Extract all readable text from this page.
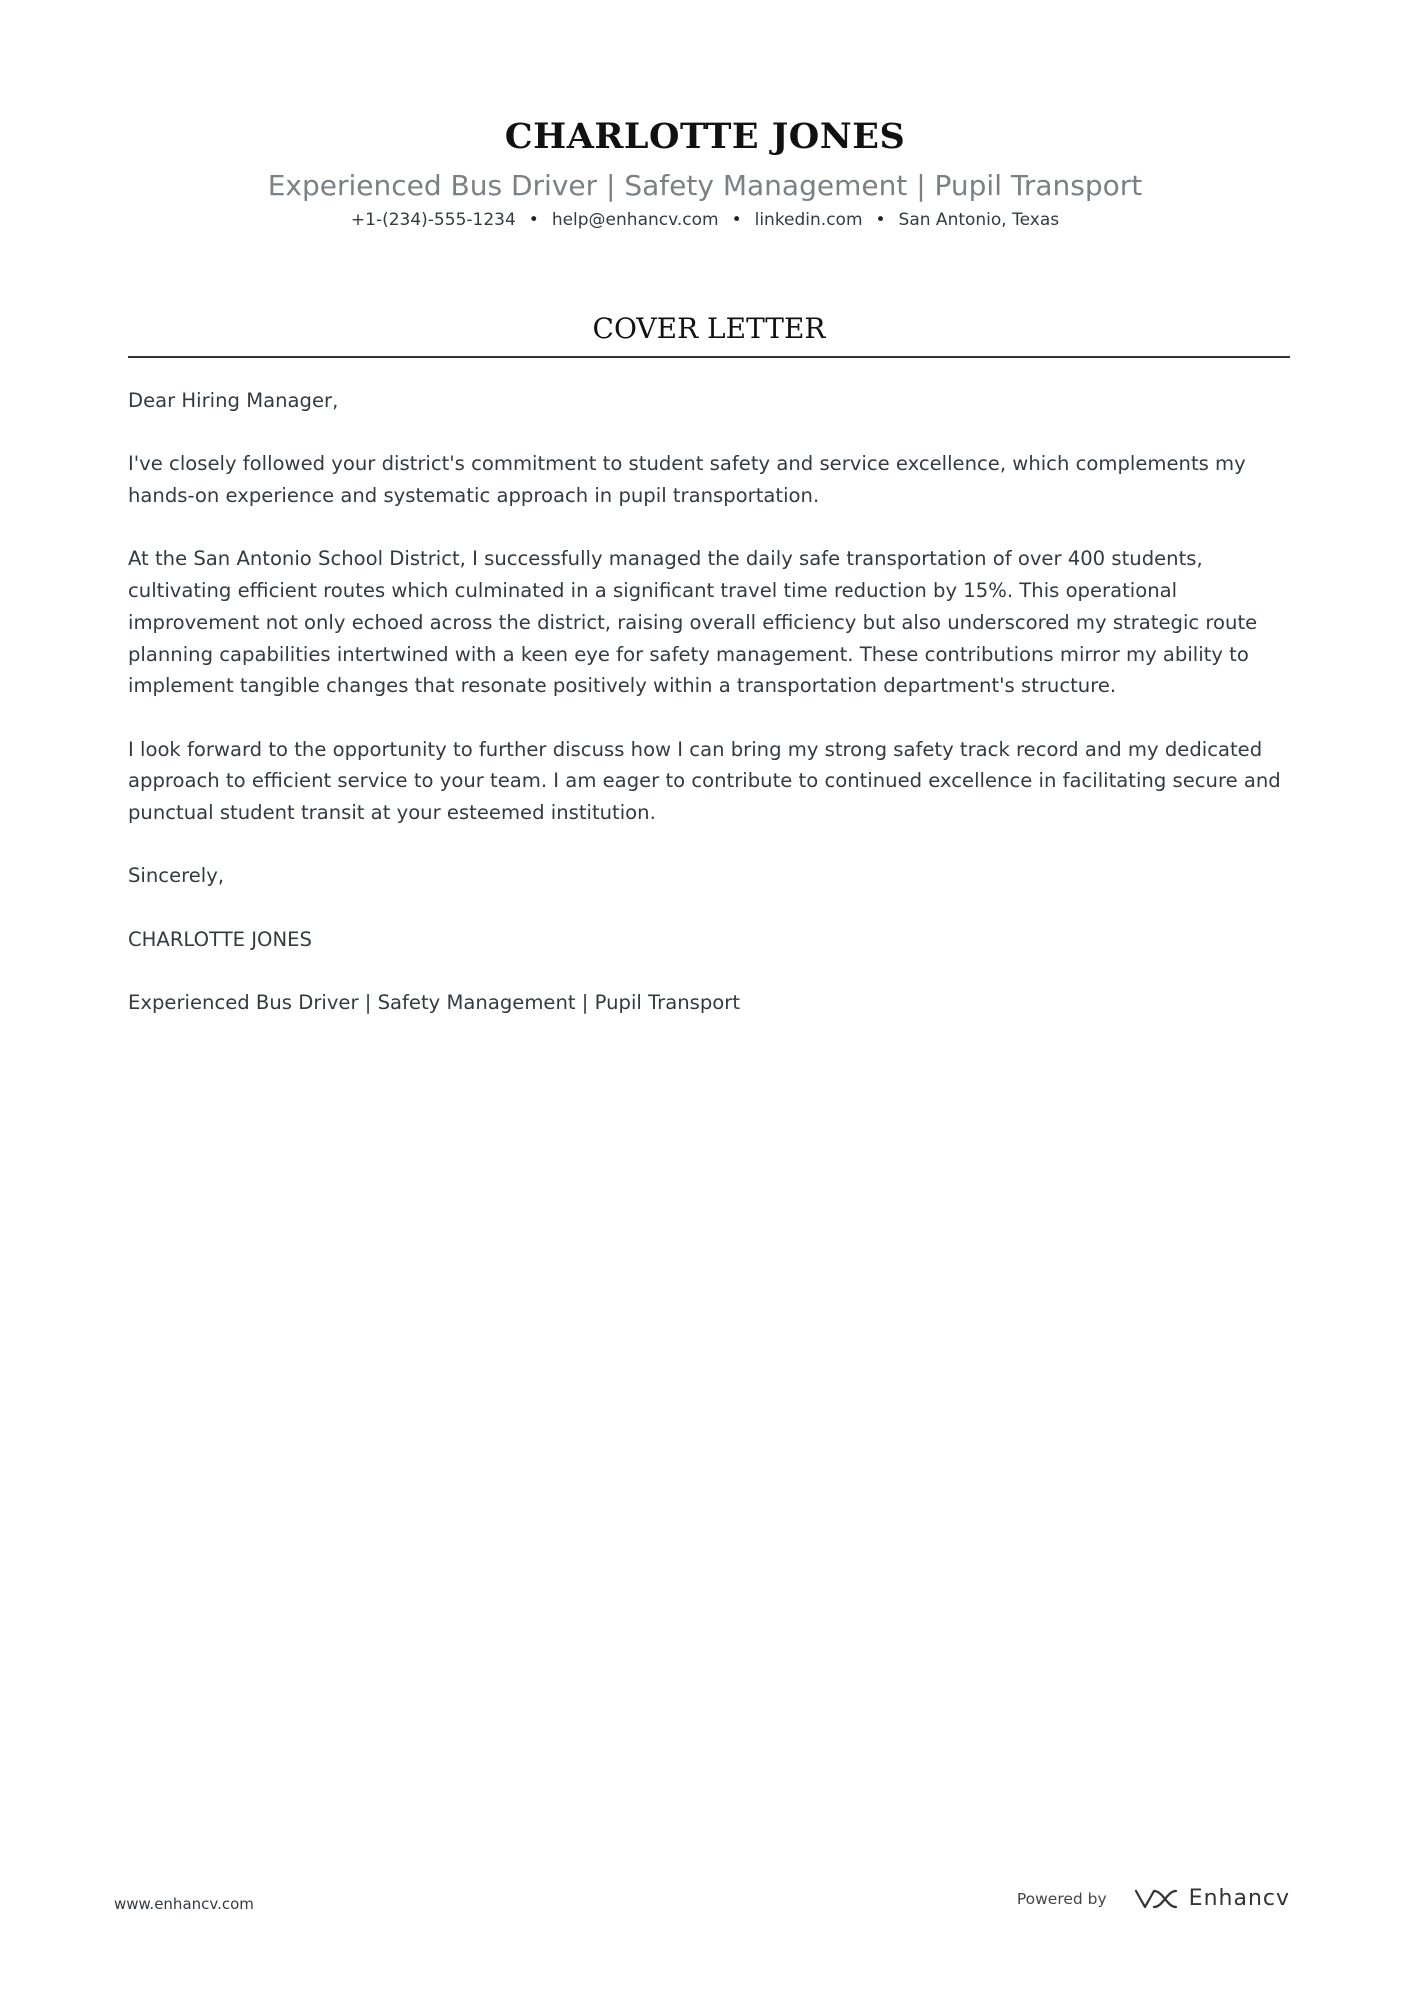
CHARLOTTE JONES
Experienced Bus Driver | Safety Management | Pupil Transport
+1-(234)-555-1234 • help@enhancv.com • linkedin.com • San Antonio, Texas
COVER LETTER

Dear Hiring Manager,

I've closely followed your district's commitment to student safety and service excellence, which complements my hands-on experience and systematic approach in pupil transportation.

At the San Antonio School District, I successfully managed the daily safe transportation of over 400 students, cultivating efficient routes which culminated in a significant travel time reduction by 15%. This operational improvement not only echoed across the district, raising overall efficiency but also underscored my strategic route planning capabilities intertwined with a keen eye for safety management. These contributions mirror my ability to implement tangible changes that resonate positively within a transportation department's structure.

I look forward to the opportunity to further discuss how I can bring my strong safety track record and my dedicated approach to efficient service to your team. I am eager to contribute to continued excellence in facilitating secure and punctual student transit at your esteemed institution.

Sincerely,

CHARLOTTE JONES

Experienced Bus Driver | Safety Management | Pupil Transport

www.enhancv.com	Powered by	Enhancv
